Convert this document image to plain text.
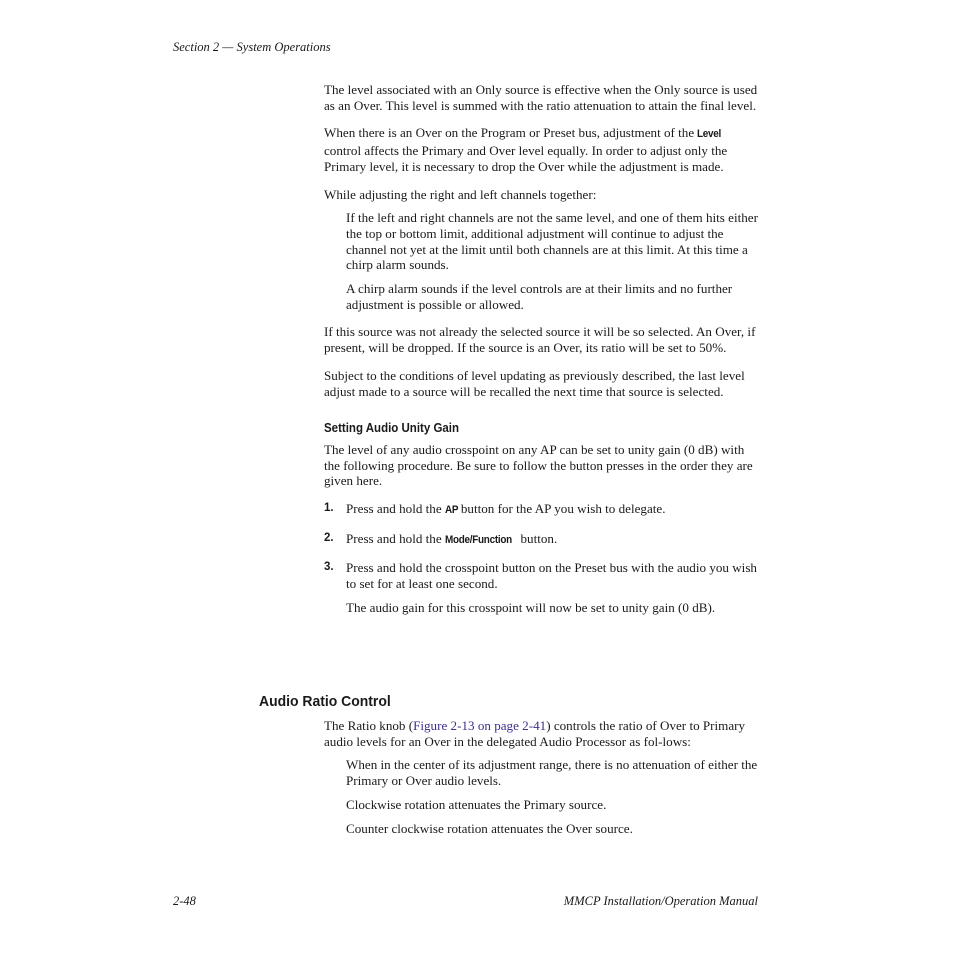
Section 2 — System Operations

The level associated with an Only source is effective when the Only source is used as an Over. This level is summed with the ratio attenuation to attain the final level.

When there is an Over on the Program or Preset bus, adjustment of the Level control affects the Primary and Over level equally. In order to adjust only the Primary level, it is necessary to drop the Over while the adjustment is made.

While adjusting the right and left channels together:

If the left and right channels are not the same level, and one of them hits either the top or bottom limit, additional adjustment will continue to adjust the channel not yet at the limit until both channels are at this limit. At this time a chirp alarm sounds.

A chirp alarm sounds if the level controls are at their limits and no further adjustment is possible or allowed.

If this source was not already the selected source it will be so selected. An Over, if present, will be dropped. If the source is an Over, its ratio will be set to 50%.

Subject to the conditions of level updating as previously described, the last level adjust made to a source will be recalled the next time that source is selected.

Setting Audio Unity Gain

The level of any audio crosspoint on any AP can be set to unity gain (0 dB) with the following procedure. Be sure to follow the button presses in the order they are given here.

1. Press and hold the AP button for the AP you wish to delegate.

2. Press and hold the Mode/Function button.

3. Press and hold the crosspoint button on the Preset bus with the audio you wish to set for at least one second.

The audio gain for this crosspoint will now be set to unity gain (0 dB).

Audio Ratio Control

The Ratio knob (Figure 2-13 on page 2-41) controls the ratio of Over to Primary audio levels for an Over in the delegated Audio Processor as fol-lows:

When in the center of its adjustment range, there is no attenuation of either the Primary or Over audio levels.

Clockwise rotation attenuates the Primary source.

Counter clockwise rotation attenuates the Over source.

2-48	MMCP Installation/Operation Manual
